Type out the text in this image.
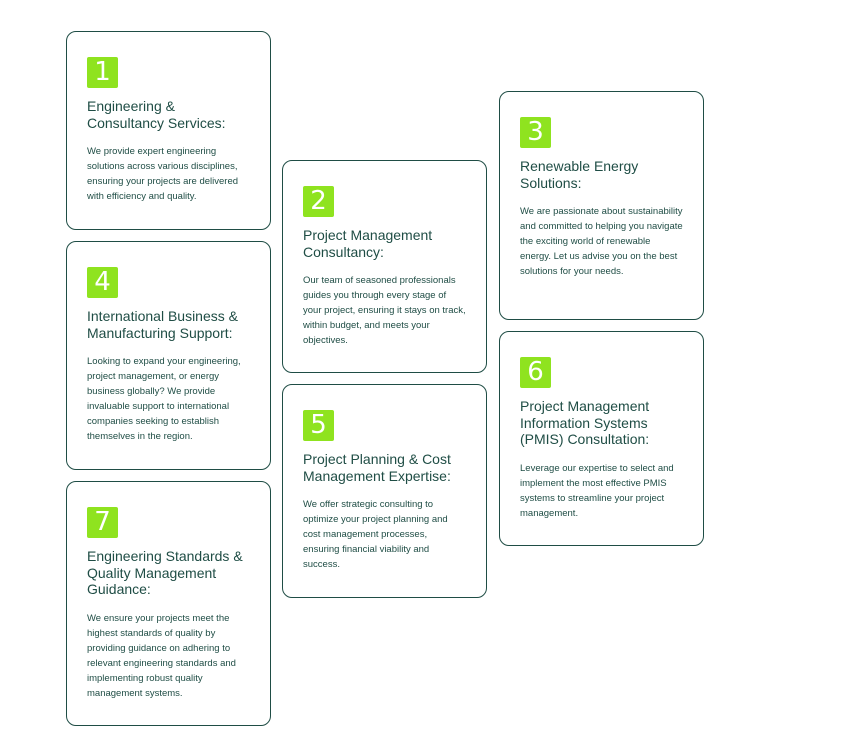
1
Engineering & Consultancy Services:

We provide expert engineering solutions across various disciplines, ensuring your projects are delivered with efficiency and quality.

4
International Business & Manufacturing Support:

Looking to expand your engineering, project management, or energy business globally? We provide invaluable support to international companies seeking to establish themselves in the region.

7
Engineering Standards & Quality Management Guidance:

We ensure your projects meet the highest standards of quality by providing guidance on adhering to relevant engineering standards and implementing robust quality management systems.

2
Project Management Consultancy:

Our team of seasoned professionals guides you through every stage of your project, ensuring it stays on track, within budget, and meets your objectives.

5
Project Planning & Cost Management Expertise:

We offer strategic consulting to optimize your project planning and cost management processes, ensuring financial viability and success.

3
Renewable Energy Solutions:

We are passionate about sustainability and committed to helping you navigate the exciting world of renewable energy. Let us advise you on the best solutions for your needs.

6
Project Management Information Systems (PMIS) Consultation:

Leverage our expertise to select and implement the most effective PMIS systems to streamline your project management.
